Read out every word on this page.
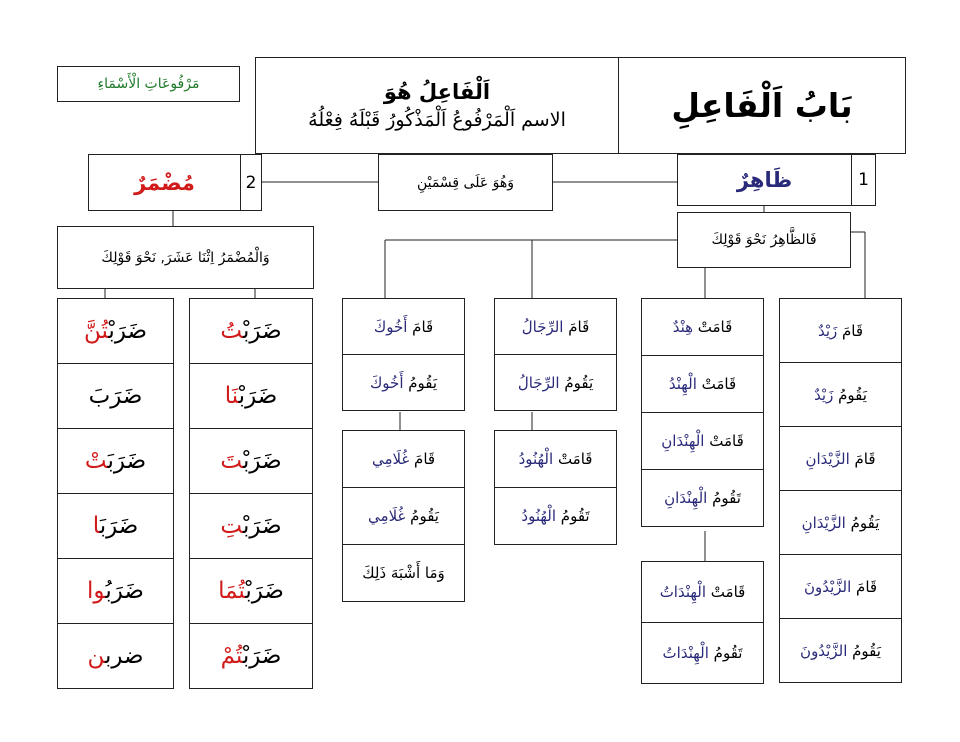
مَرْفُوعَاتِ الْأَسْمَاءِ	اَلْفَاعِلُ هُوَ
الاسم اَلْمَرْفُوعُ اَلْمَذْكُورُ قَبْلَهُ فِعْلُهُ	بَابُ اَلْفَاعِلِ
1
ظَاهِرٌ
وَهُوَ عَلَى قِسْمَيْنِ
مُضْمَرٌ	2
فَالظَّاهِرُ نَحْوَ قَوْلِكَ
وَالْمُضْمَرُ اِثْنَا عَشَرَ, نَحْوَ قَوْلِكَ
قَامَ زَيْدٌ
يَقُومُ زَيْدٌ
قَامَ الزَّيْدَانِ
يَقُومُ الزَّيْدَانِ
قَامَ الزَّيْدُونَ
يَقُومُ الزَّيْدُونَ
قَامَتْ هِنْدٌ
قَامَتْ الْهِنْدُ
قَامَتْ الْهِنْدَانِ
تَقُومُ الْهِنْدَانِ
قَامَتْ الْهِنْدَاتُ
تَقُومُ الْهِنْدَاتُ
قَامَ الرِّجَالُ
يَقُومُ الرِّجَالُ
قَامَتْ الْهُنُودُ
تَقُومُ الْهُنُودُ
قَامَ أَخُوكَ
يَقُومُ أَخُوكَ
قَامَ غُلَامِي
يَقُومُ غُلَامِي
وَمَا أَشْبَهَ ذَلِكَ
ضَرَبْتُ
ضَرَبْنَا
ضَرَبْتَ
ضَرَبْتِ
ضَرَبْتُمَا
ضَرَبْتُمْ
ضَرَبْتُنَّ
ضَرَبَ
ضَرَبَتْ
ضَرَبَا
ضَرَبُوا
ضربن
